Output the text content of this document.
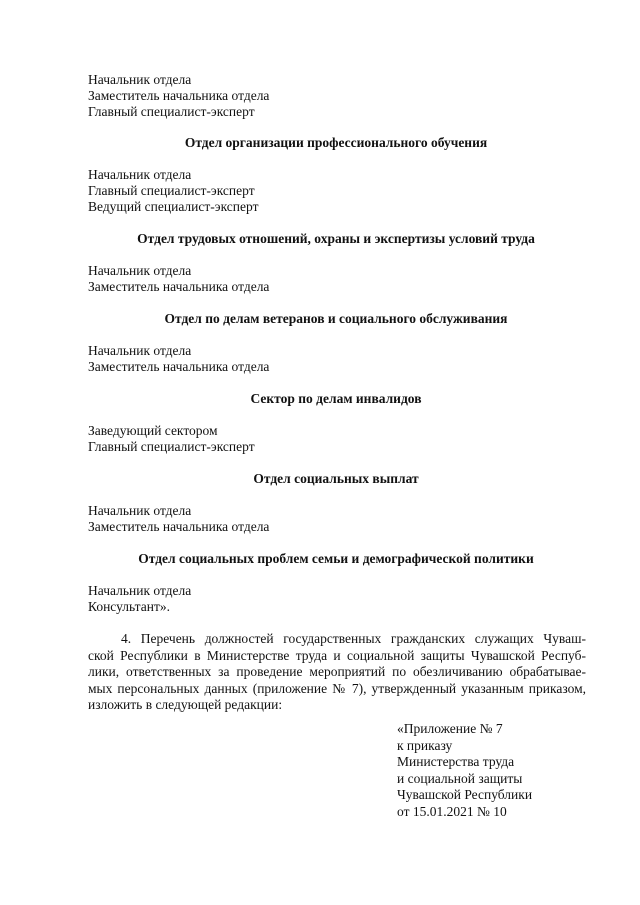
Начальник отдела
Заместитель начальника отдела
Главный специалист-эксперт
Отдел организации профессионального обучения
Начальник отдела
Главный специалист-эксперт
Ведущий специалист-эксперт
Отдел трудовых отношений, охраны и экспертизы условий труда
Начальник отдела
Заместитель начальника отдела
Отдел по делам ветеранов и социального обслуживания
Начальник отдела
Заместитель начальника отдела
Сектор по делам инвалидов
Заведующий сектором
Главный специалист-эксперт
Отдел социальных выплат
Начальник отдела
Заместитель начальника отдела
Отдел социальных проблем семьи и демографической политики
Начальник отдела
Консультант».
4. Перечень должностей государственных гражданских служащих Чуваш-
ской Республики в Министерстве труда и социальной защиты Чувашской Респуб-
лики, ответственных за проведение мероприятий по обезличиванию обрабатывае-
мых персональных данных (приложение № 7), утвержденный указанным приказом,
изложить в следующей редакции:
«Приложение № 7
к приказу
Министерства труда
и социальной защиты
Чувашской Республики
от 15.01.2021 № 10
